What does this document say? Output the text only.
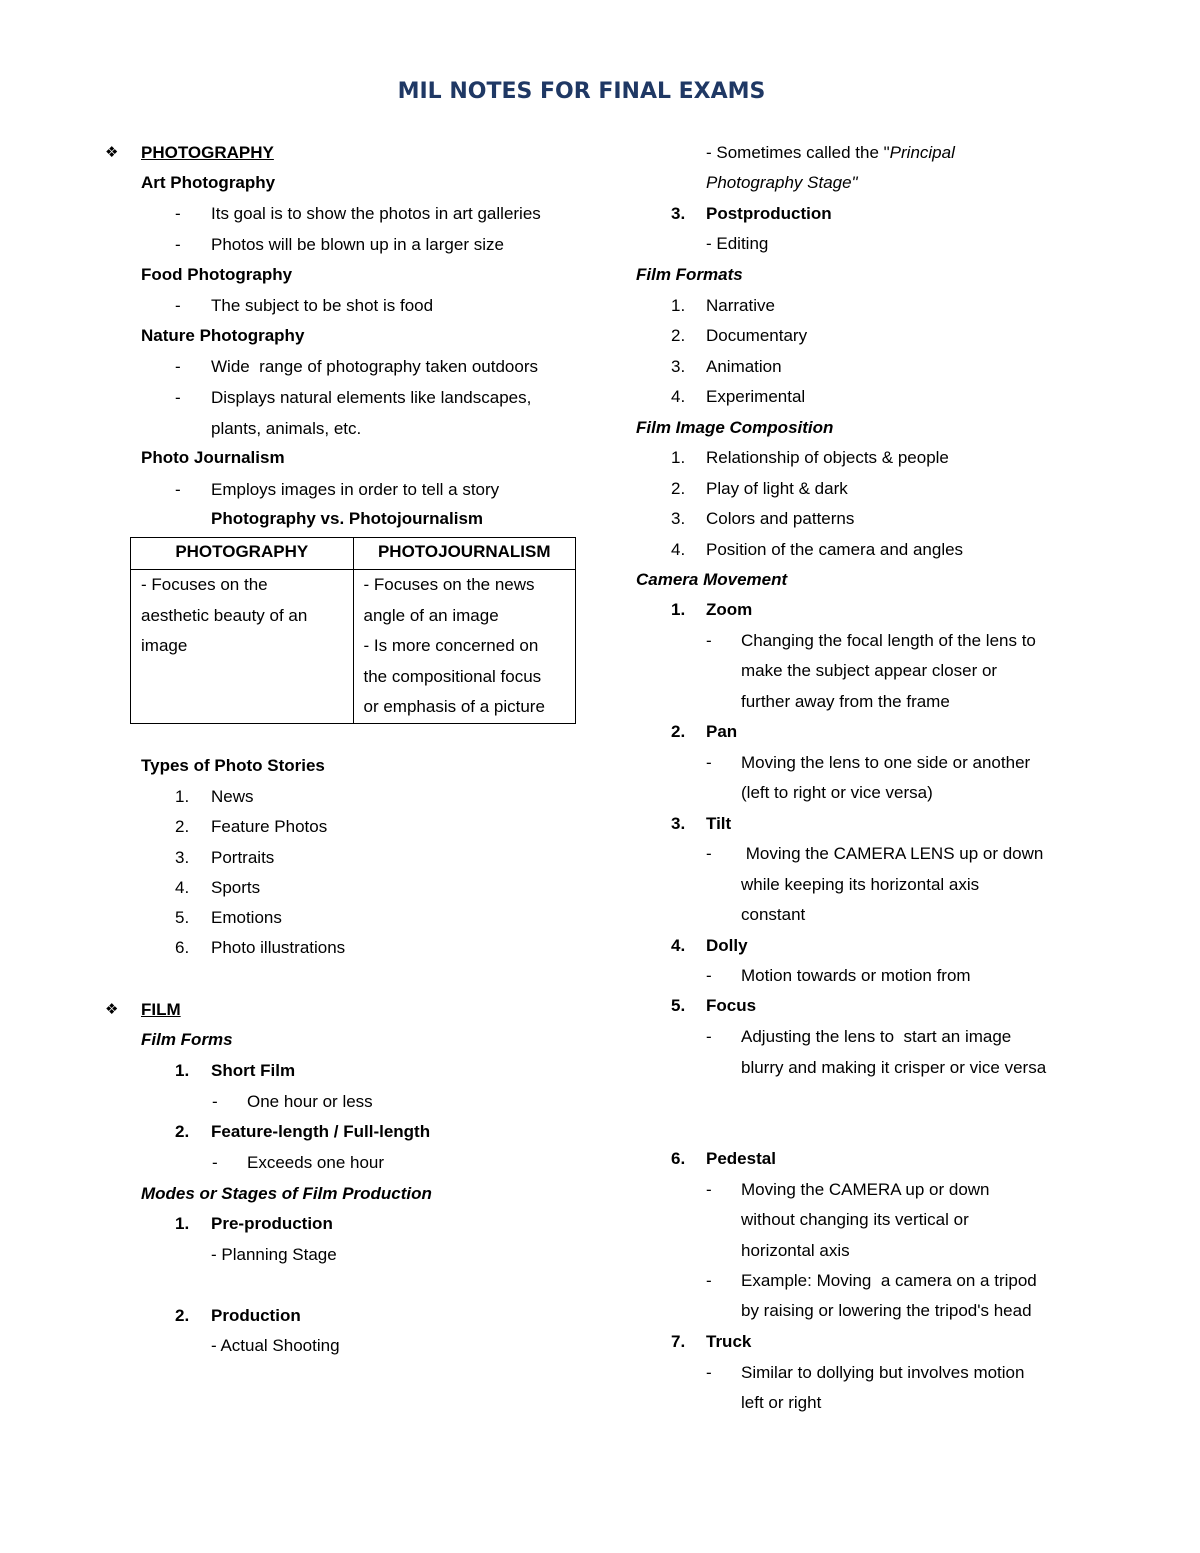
MIL NOTES FOR FINAL EXAMS
❖ PHOTOGRAPHY
Art Photography
- Its goal is to show the photos in art galleries
- Photos will be blown up in a larger size
Food Photography
- The subject to be shot is food
Nature Photography
- Wide  range of photography taken outdoors
- Displays natural elements like landscapes,
plants, animals, etc.
Photo Journalism
- Employs images in order to tell a story
Photography vs. Photojournalism
PHOTOGRAPHY	PHOTOJOURNALISM

- Focuses on the
aesthetic beauty of an
image	- Focuses on the news
angle of an image
- Is more concerned on
the compositional focus
or emphasis of a picture
Types of Photo Stories
1. News
2. Feature Photos
3. Portraits
4. Sports
5. Emotions
6. Photo illustrations
❖ FILM
Film Forms
1. Short Film
- One hour or less
2. Feature-length / Full-length
- Exceeds one hour
Modes or Stages of Film Production
1. Pre-production
- Planning Stage
2. Production
- Actual Shooting
- Sometimes called the "Principal
Photography Stage"
3. Postproduction
- Editing
Film Formats
1. Narrative
2. Documentary
3. Animation
4. Experimental
Film Image Composition
1. Relationship of objects & people
2. Play of light & dark
3. Colors and patterns
4. Position of the camera and angles
Camera Movement
1. Zoom
- Changing the focal length of the lens to
make the subject appear closer or
further away from the frame
2. Pan
- Moving the lens to one side or another
(left to right or vice versa)
3. Tilt
- Moving the CAMERA LENS up or down
while keeping its horizontal axis
constant
4. Dolly
- Motion towards or motion from
5. Focus
- Adjusting the lens to  start an image
blurry and making it crisper or vice versa
6. Pedestal
- Moving the CAMERA up or down
without changing its vertical or
horizontal axis
- Example: Moving  a camera on a tripod
by raising or lowering the tripod's head
7. Truck
- Similar to dollying but involves motion
left or right
